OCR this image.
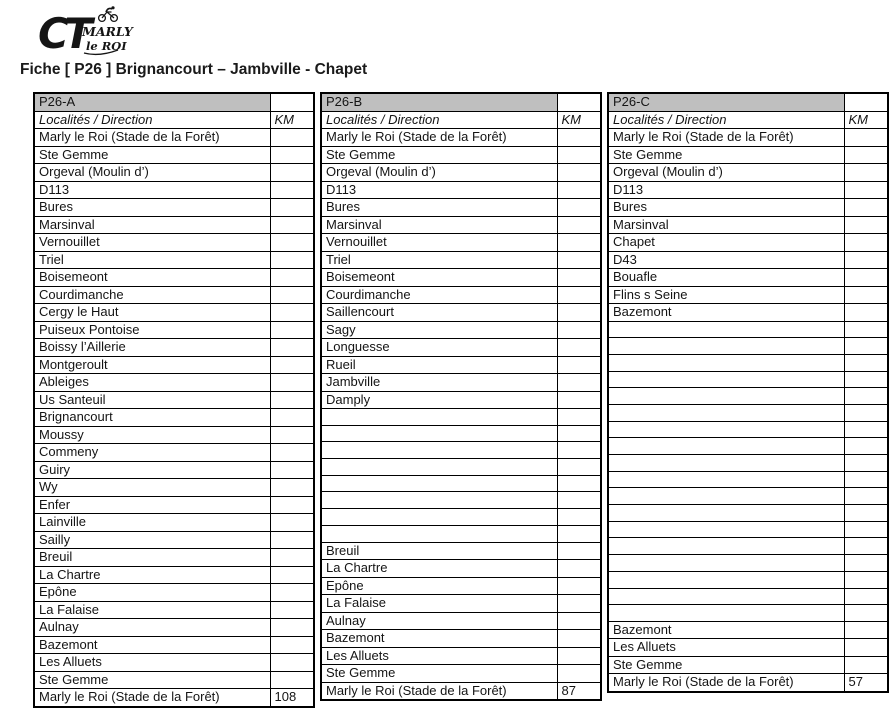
CT
MARLY
le ROI
Fiche [ P26 ] Brignancourt – Jambville - Chapet
P26-A	
Localités / Direction	KM
Marly le Roi (Stade de la Forêt)	
Ste Gemme	
Orgeval (Moulin d’)	
D113	
Bures	
Marsinval	
Vernouillet	
Triel	
Boisemeont	
Courdimanche	
Cergy le Haut	
Puiseux Pontoise	
Boissy l’Aillerie	
Montgeroult	
Ableiges	
Us Santeuil	
Brignancourt	
Moussy	
Commeny	
Guiry	
Wy	
Enfer	
Lainville	
Sailly	
Breuil	
La Chartre	
Epône	
La Falaise	
Aulnay	
Bazemont	
Les Alluets	
Ste Gemme	
Marly le Roi (Stade de la Forêt)	108
P26-B	
Localités / Direction	KM
Marly le Roi (Stade de la Forêt)	
Ste Gemme	
Orgeval (Moulin d’)	
D113	
Bures	
Marsinval	
Vernouillet	
Triel	
Boisemeont	
Courdimanche	
Saillencourt	
Sagy	
Longuesse	
Rueil	
Jambville	
Damply	

Breuil	
La Chartre	
Epône	
La Falaise	
Aulnay	
Bazemont	
Les Alluets	
Ste Gemme	
Marly le Roi (Stade de la Forêt)	87
P26-C	
Localités / Direction	KM
Marly le Roi (Stade de la Forêt)	
Ste Gemme	
Orgeval (Moulin d’)	
D113	
Bures	
Marsinval	
Chapet	
D43	
Bouafle	
Flins s Seine	
Bazemont	

Bazemont	
Les Alluets	
Ste Gemme	
Marly le Roi (Stade de la Forêt)	57
